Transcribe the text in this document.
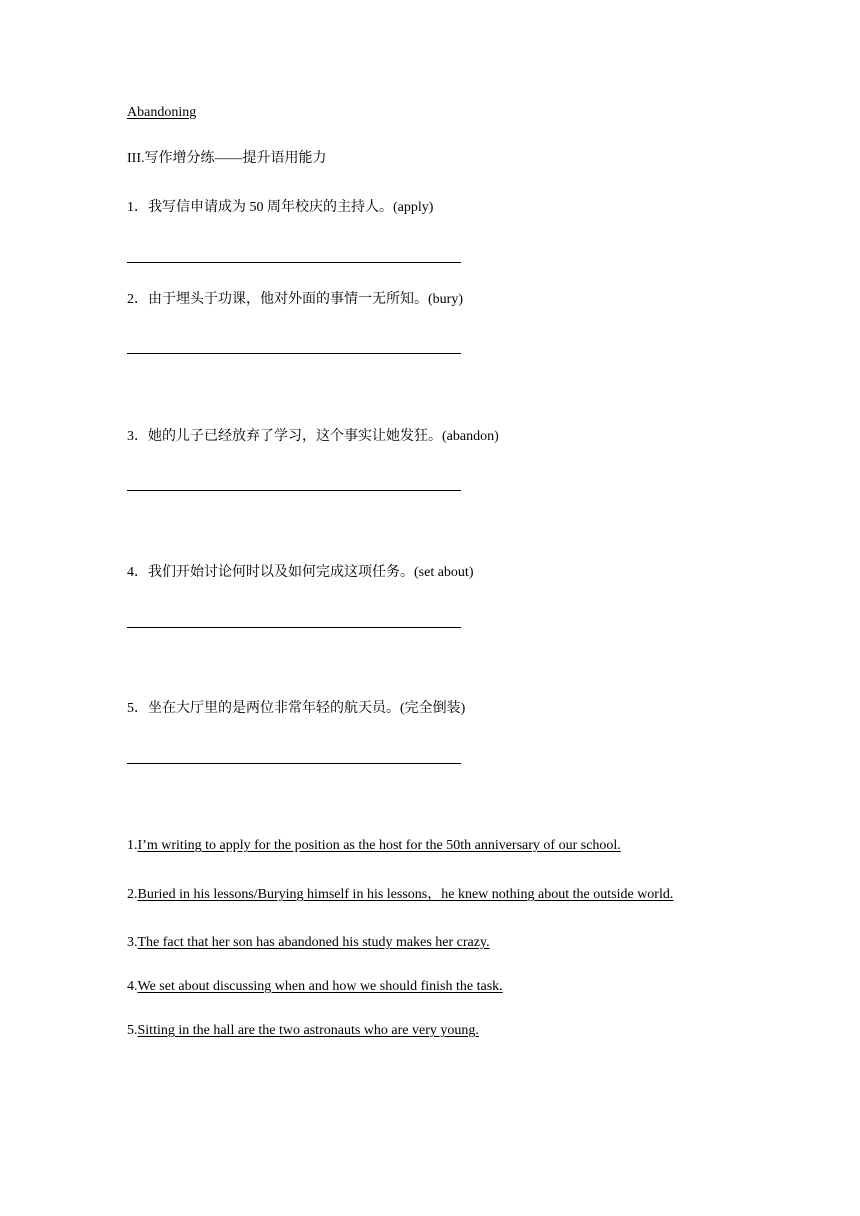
Abandoning
III.写作增分练——提升语用能力
1．我写信申请成为 50 周年校庆的主持人。(apply)
2．由于埋头于功课，他对外面的事情一无所知。(bury)
3．她的儿子已经放弃了学习，这个事实让她发狂。(abandon)
4．我们开始讨论何时以及如何完成这项任务。(set about)
5．坐在大厅里的是两位非常年轻的航天员。(完全倒装)
1.I’m writing to apply for the position as the host for the 50th anniversary of our school.
2.Buried in his lessons/Burying himself in his lessons，he knew nothing about the outside world.
3.The fact that her son has abandoned his study makes her crazy.
4.We set about discussing when and how we should finish the task.
5.Sitting in the hall are the two astronauts who are very young.
